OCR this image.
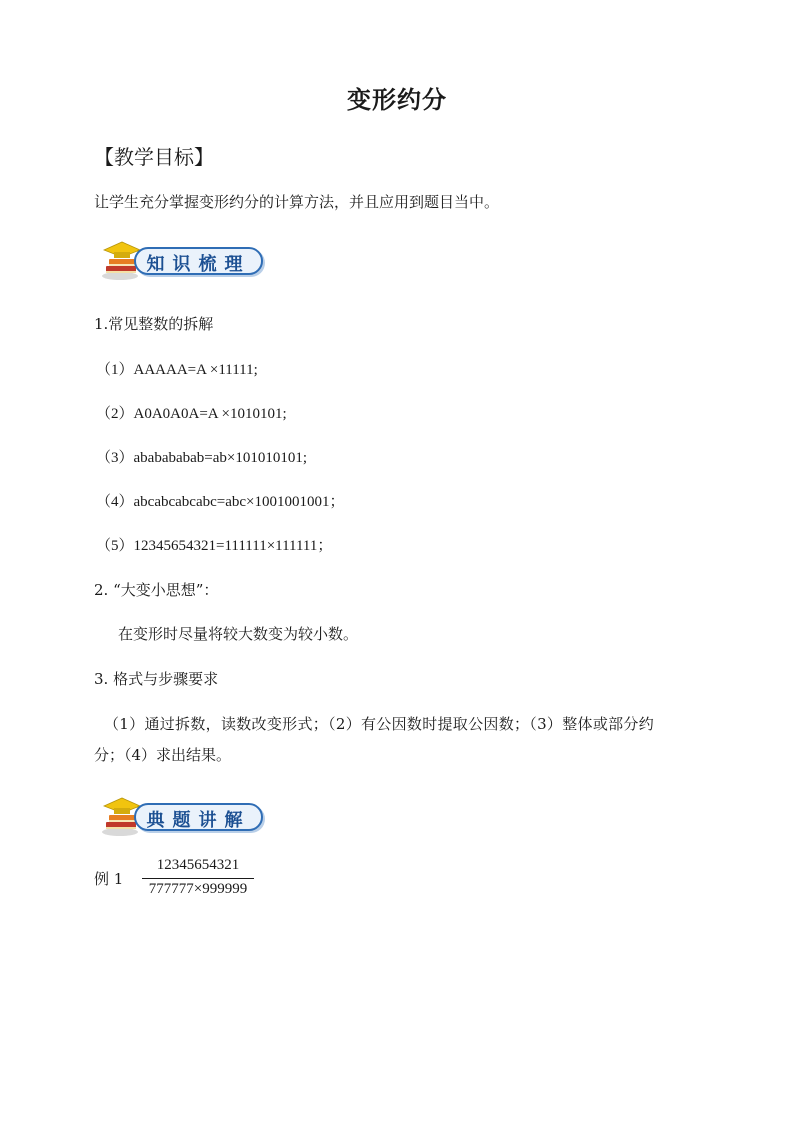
变形约分
【教学目标】
让学生充分掌握变形约分的计算方法，并且应用到题目当中。
知识梳理
1.常见整数的拆解
（1）AAAAA=A ×11111;
（2）A0A0A0A=A ×1010101;
（3）ababababab=ab×101010101;
（4）abcabcabcabc=abc×1001001001；
（5）12345654321=111111×111111；
2. “大变小思想”：
在变形时尽量将较大数变为较小数。
3. 格式与步骤要求
（1）通过拆数，读数改变形式；（2）有公因数时提取公因数；（3）整体或部分约
分；（4）求出结果。
典题讲解
例 1
12345654321
777777×999999
